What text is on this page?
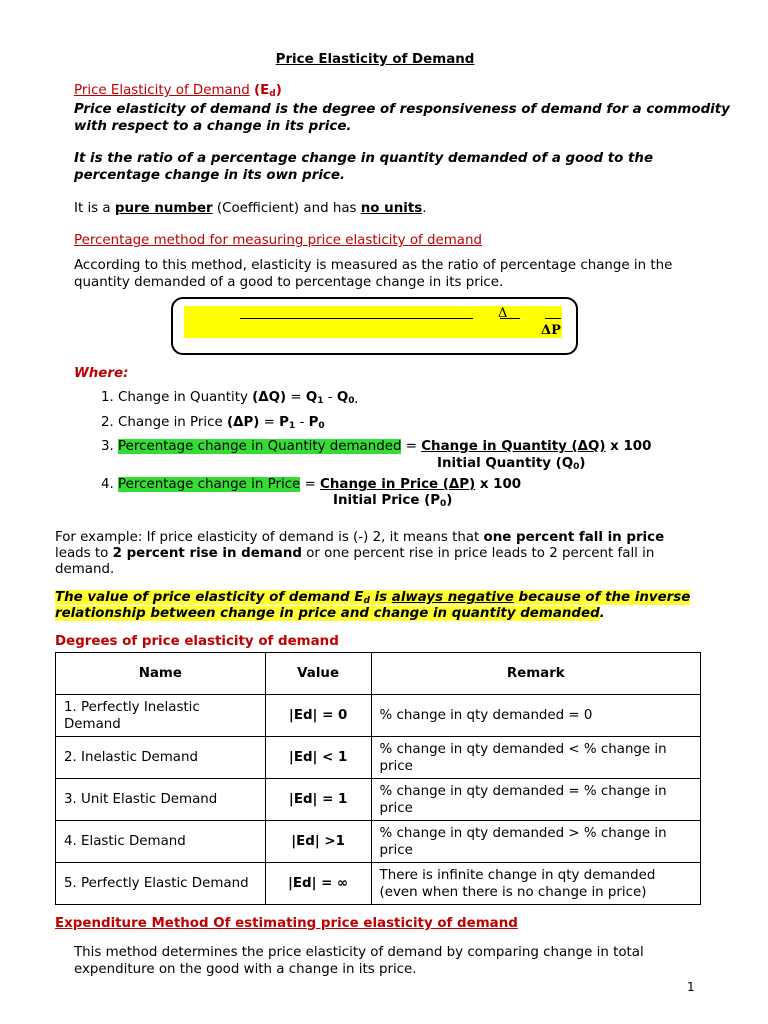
Price Elasticity of Demand
Price Elasticity of Demand $(E_d)$
Price elasticity of demand is the degree of responsiveness of demand for a commodity
with respect to a change in its price.
It is the ratio of a percentage change in quantity demanded of a good to the
percentage change in its own price.
It is a pure number (Coefficient) and has no units.
Percentage method for measuring price elasticity of demand
According to this method, elasticity is measured as the ratio of percentage change in the
quantity demanded of a good to percentage change in its price.
Δ
ΔP
Where:
1. Change in Quantity $(\Delta Q) = Q_1 - Q_{0.}$
2. Change in Price $(\Delta P) = P_1 - P_0$
3. Percentage change in Quantity demanded = Change in Quantity (ΔQ) x 100
Initial Quantity $(Q_0)$
4. Percentage change in Price = Change in Price (ΔP) x 100
Initial Price $(P_0)$
For example: If price elasticity of demand is (-) 2, it means that one percent fall in price
leads to 2 percent rise in demand or one percent rise in price leads to 2 percent fall in
demand.
The value of price elasticity of demand $E_d$ is always negative because of the inverse
relationship between change in price and change in quantity demanded.
Degrees of price elasticity of demand
Name	Value	Remark
1. Perfectly Inelastic Demand	|Ed| = 0	% change in qty demanded = 0
2. Inelastic Demand	|Ed| < 1	% change in qty demanded < % change in price
3. Unit Elastic Demand	|Ed| = 1	% change in qty demanded = % change in price
4. Elastic Demand	|Ed| >1	% change in qty demanded > % change in price
5. Perfectly Elastic Demand	|Ed| = ∞	There is infinite change in qty demanded
(even when there is no change in price)
Expenditure Method Of estimating price elasticity of demand
This method determines the price elasticity of demand by comparing change in total
expenditure on the good with a change in its price.
1
